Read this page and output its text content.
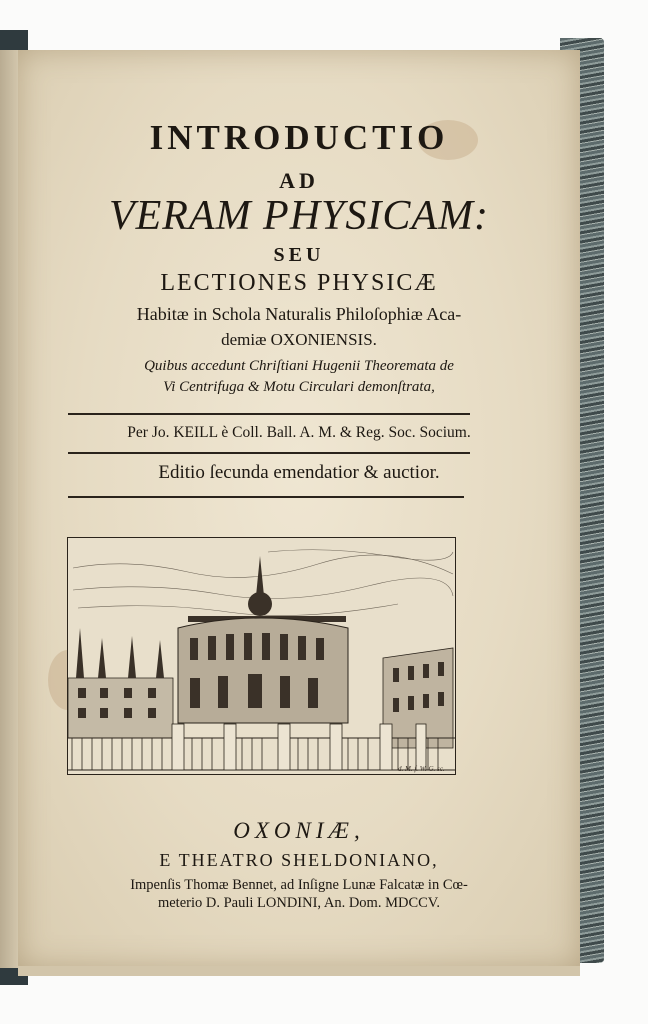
INTRODUCTIO
AD
VERAM PHYSICAM:
SEU
LECTIONES PHYSICÆ
Habitæ in Schola Naturalis Philoſophiæ Aca-
demiæ OXONIENSIS.
Quibus accedunt Chriſtiani Hugenii Theoremata de
Vi Centrifuga & Motu Circulari demonſtrata,
Per Jo. KEILL è Coll. Ball. A. M. & Reg. Soc. Socium.
Editio ſecunda emendatior & auctior.
d. M. f. W. G. sc.
OXONIÆ,
E THEATRO SHELDONIANO,
Impenſis Thomæ Bennet, ad Inſigne Lunæ Falcatæ in Cœ-
meterio D. Pauli LONDINI, An. Dom. MDCCV.
